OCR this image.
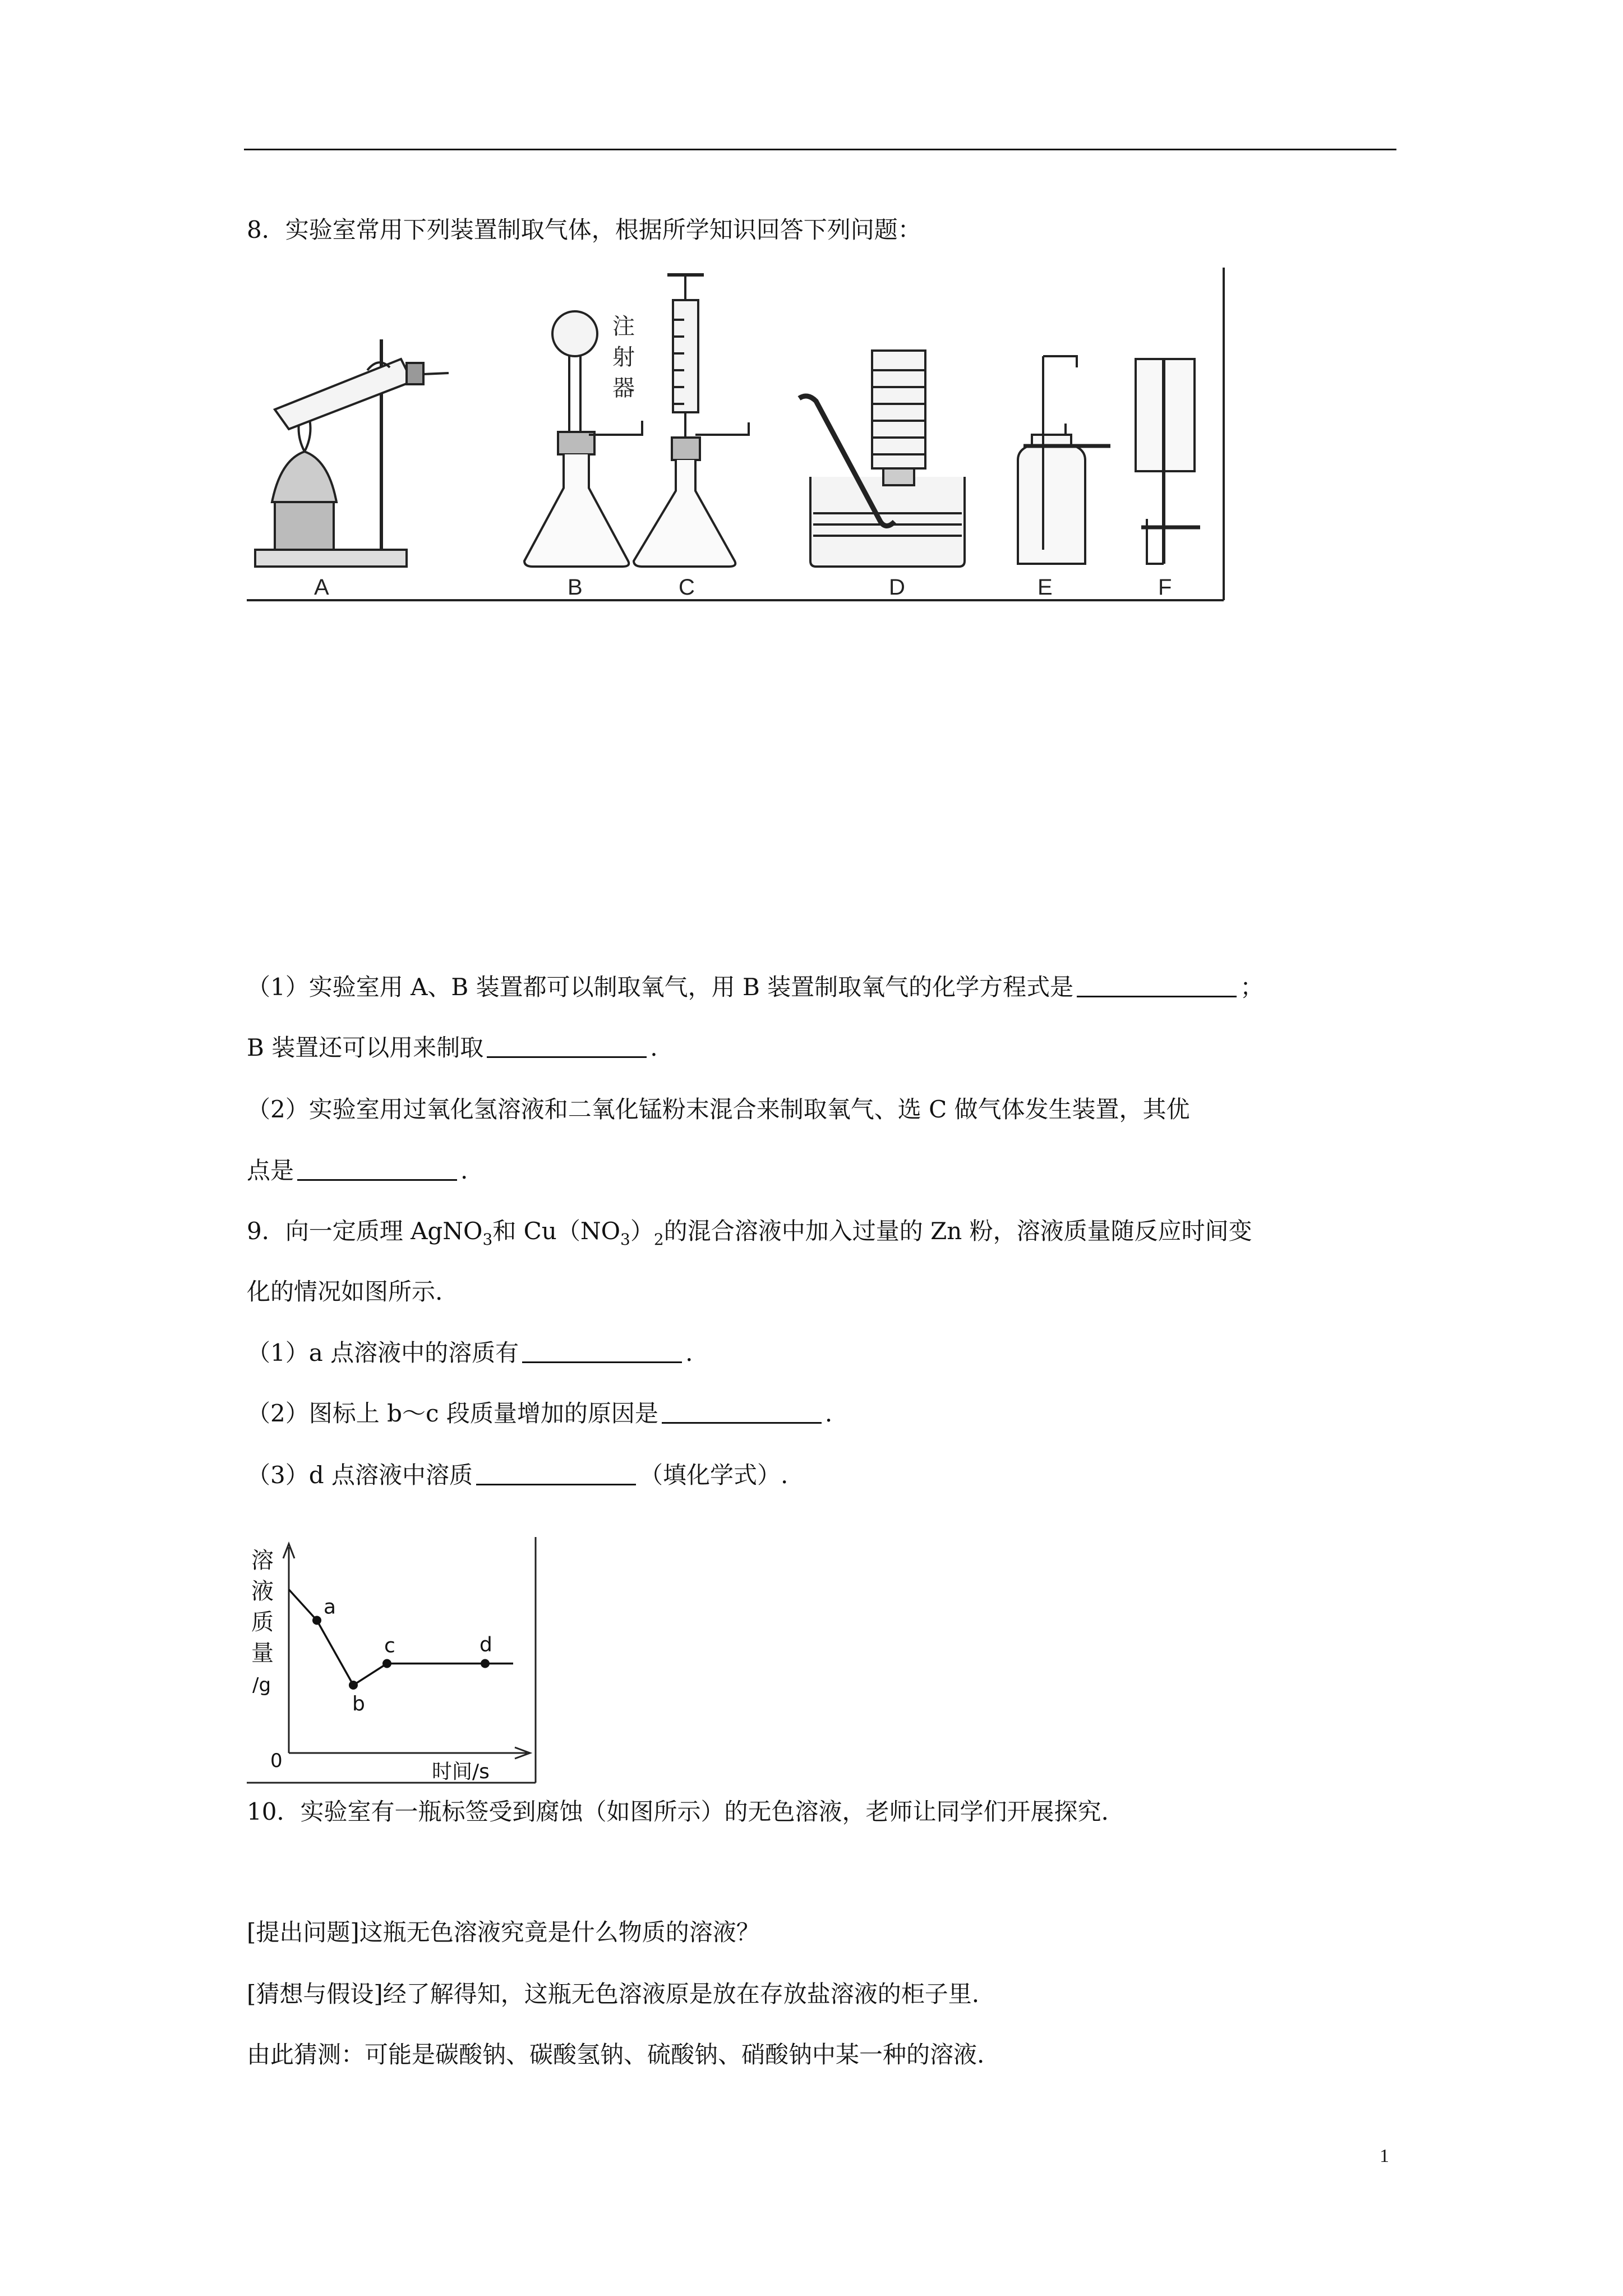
8．实验室常用下列装置制取气体，根据所学知识回答下列问题：
A	B	C	D	E	F
注
射
器
（1）实验室用 A、B 装置都可以制取氧气，用 B 装置制取氧气的化学方程式是	；
B 装置还可以用来制取	.
（2）实验室用过氧化氢溶液和二氧化锰粉末混合来制取氧气、选 C 做气体发生装置，其优
点是	.
9．向一定质理 AgNO$_3$和 $Cu(NO_3)_2$的混合溶液中加入过量的 Zn 粉，溶液质量随反应时间变
化的情况如图所示.
（1）a 点溶液中的溶质有	.
（2）图标上 b～c 段质量增加的原因是	.
（3）d 点溶液中溶质	（填化学式）.
a
b
c	d
溶
液
质
量
/g
0	时间/s
10．实验室有一瓶标签受到腐蚀（如图所示）的无色溶液，老师让同学们开展探究.
[提出问题]这瓶无色溶液究竟是什么物质的溶液？
[猜想与假设]经了解得知，这瓶无色溶液原是放在存放盐溶液的柜子里.
由此猜测：可能是碳酸钠、碳酸氢钠、硫酸钠、硝酸钠中某一种的溶液.
1
